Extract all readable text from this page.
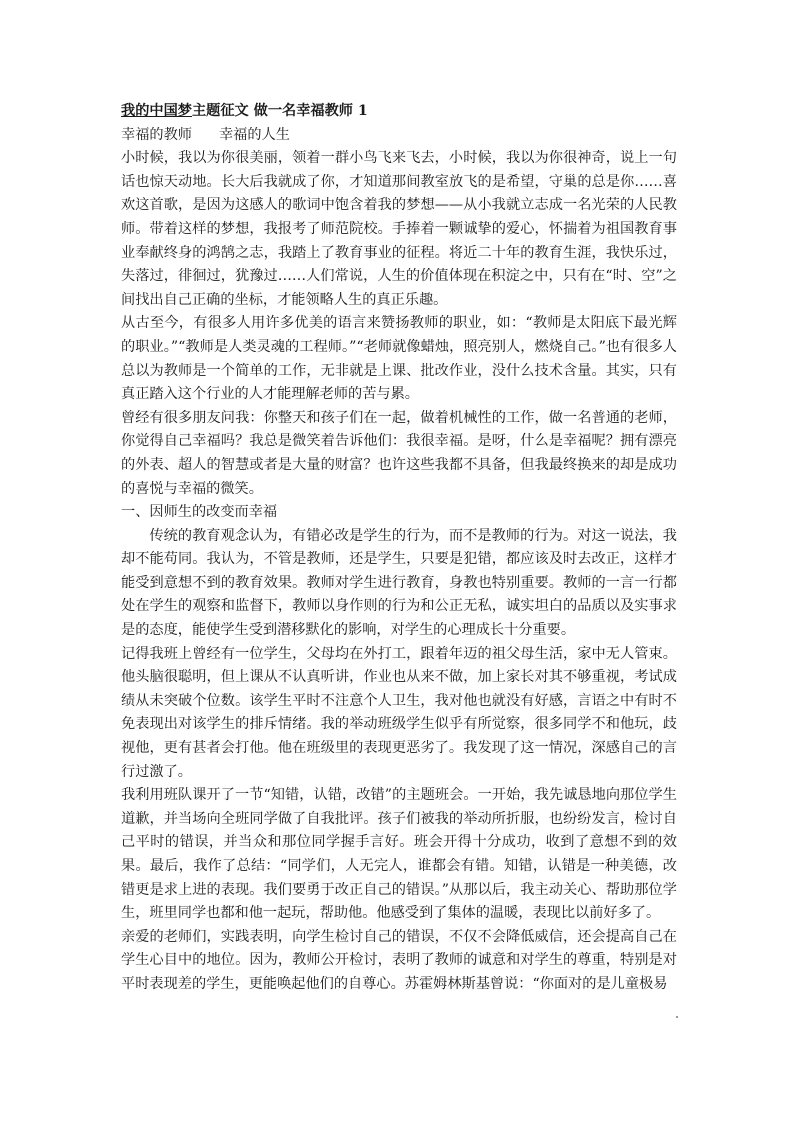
我的中国梦主题征文 做一名幸福教师 1

幸福的教师      幸福的人生

小时候，我以为你很美丽，领着一群小鸟飞来飞去，小时候，我以为你很神奇，说上一句话也惊天动地。长大后我就成了你，才知道那间教室放飞的是希望，守巢的总是你……喜欢这首歌，是因为这感人的歌词中饱含着我的梦想——从小我就立志成一名光荣的人民教师。带着这样的梦想，我报考了师范院校。手捧着一颗诚挚的爱心，怀揣着为祖国教育事业奉献终身的鸿鹄之志，我踏上了教育事业的征程。将近二十年的教育生涯，我快乐过，失落过，徘徊过，犹豫过……人们常说，人生的价值体现在积淀之中，只有在“时、空”之间找出自己正确的坐标，才能领略人生的真正乐趣。

从古至今，有很多人用许多优美的语言来赞扬教师的职业，如：“教师是太阳底下最光辉的职业。”“教师是人类灵魂的工程师。”“老师就像蜡烛，照亮别人，燃烧自己。”也有很多人总以为教师是一个简单的工作，无非就是上课、批改作业，没什么技术含量。其实，只有真正踏入这个行业的人才能理解老师的苦与累。

曾经有很多朋友问我：你整天和孩子们在一起，做着机械性的工作，做一名普通的老师，你觉得自己幸福吗？我总是微笑着告诉他们：我很幸福。是呀，什么是幸福呢？拥有漂亮的外表、超人的智慧或者是大量的财富？也许这些我都不具备，但我最终换来的却是成功的喜悦与幸福的微笑。

一、因师生的改变而幸福

传统的教育观念认为，有错必改是学生的行为，而不是教师的行为。对这一说法，我却不能苟同。我认为，不管是教师，还是学生，只要是犯错，都应该及时去改正，这样才能受到意想不到的教育效果。教师对学生进行教育，身教也特别重要。教师的一言一行都处在学生的观察和监督下，教师以身作则的行为和公正无私，诚实坦白的品质以及实事求是的态度，能使学生受到潜移默化的影响，对学生的心理成长十分重要。

记得我班上曾经有一位学生，父母均在外打工，跟着年迈的祖父母生活，家中无人管束。他头脑很聪明，但上课从不认真听讲，作业也从来不做，加上家长对其不够重视，考试成绩从未突破个位数。该学生平时不注意个人卫生，我对他也就没有好感，言语之中有时不免表现出对该学生的排斥情绪。我的举动班级学生似乎有所觉察，很多同学不和他玩，歧视他，更有甚者会打他。他在班级里的表现更恶劣了。我发现了这一情况，深感自己的言行过激了。

我利用班队课开了一节“知错，认错，改错”的主题班会。一开始，我先诚恳地向那位学生道歉，并当场向全班同学做了自我批评。孩子们被我的举动所折服，也纷纷发言，检讨自己平时的错误，并当众和那位同学握手言好。班会开得十分成功，收到了意想不到的效果。最后，我作了总结：“同学们，人无完人，谁都会有错。知错，认错是一种美德，改错更是求上进的表现。我们要勇于改正自己的错误。”从那以后，我主动关心、帮助那位学生，班里同学也都和他一起玩，帮助他。他感受到了集体的温暖，表现比以前好多了。

亲爱的老师们，实践表明，向学生检讨自己的错误，不仅不会降低威信，还会提高自己在学生心目中的地位。因为，教师公开检讨，表明了教师的诚意和对学生的尊重，特别是对平时表现差的学生，更能唤起他们的自尊心。苏霍姆林斯基曾说：“你面对的是儿童极易
